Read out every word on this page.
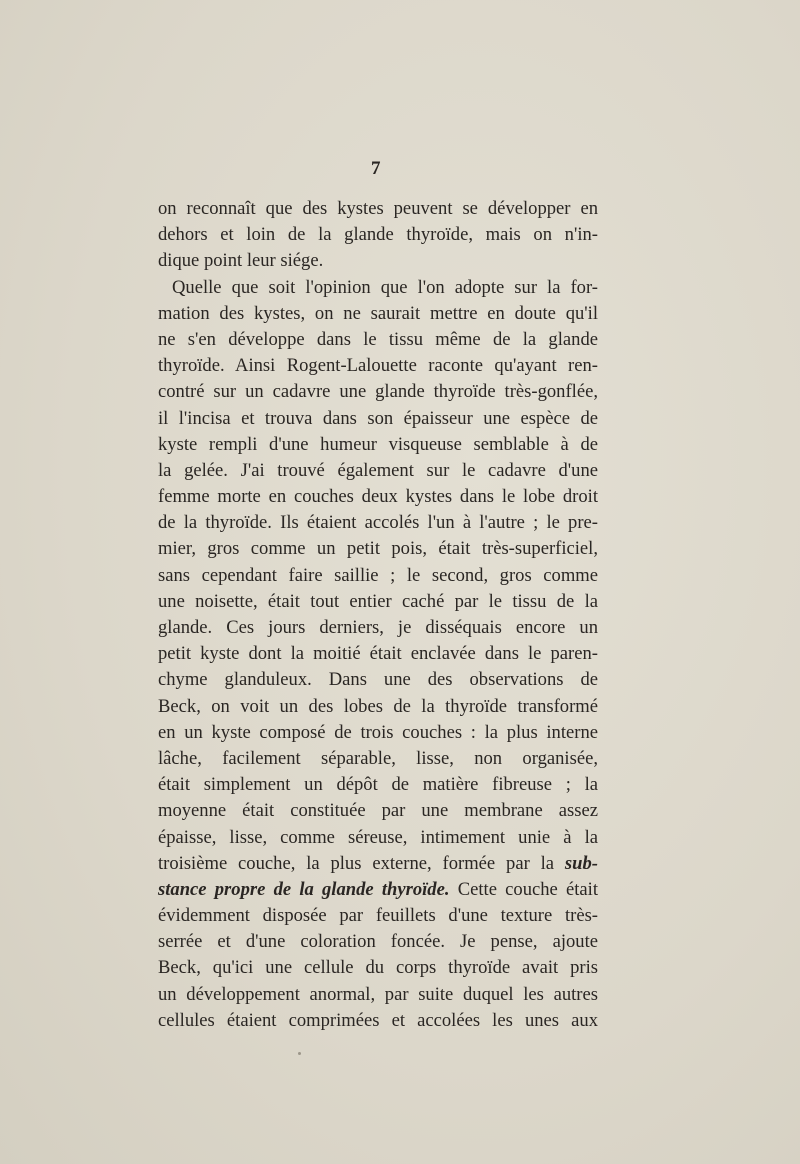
7
on reconnaît que des kystes peuvent se développer en
dehors et loin de la glande thyroïde, mais on n'in-
dique point leur siége.
Quelle que soit l'opinion que l'on adopte sur la for-
mation des kystes, on ne saurait mettre en doute qu'il
ne s'en développe dans le tissu même de la glande
thyroïde. Ainsi Rogent-Lalouette raconte qu'ayant ren-
contré sur un cadavre une glande thyroïde très-gonflée,
il l'incisa et trouva dans son épaisseur une espèce de
kyste rempli d'une humeur visqueuse semblable à de
la gelée. J'ai trouvé également sur le cadavre d'une
femme morte en couches deux kystes dans le lobe droit
de la thyroïde. Ils étaient accolés l'un à l'autre ; le pre-
mier, gros comme un petit pois, était très-superficiel,
sans cependant faire saillie ; le second, gros comme
une noisette, était tout entier caché par le tissu de la
glande. Ces jours derniers, je disséquais encore un
petit kyste dont la moitié était enclavée dans le paren-
chyme glanduleux. Dans une des observations de
Beck, on voit un des lobes de la thyroïde transformé
en un kyste composé de trois couches : la plus interne
lâche, facilement séparable, lisse, non organisée,
était simplement un dépôt de matière fibreuse ; la
moyenne était constituée par une membrane assez
épaisse, lisse, comme séreuse, intimement unie à la
troisième couche, la plus externe, formée par la sub-
stance propre de la glande thyroïde. Cette couche était
évidemment disposée par feuillets d'une texture très-
serrée et d'une coloration foncée. Je pense, ajoute
Beck, qu'ici une cellule du corps thyroïde avait pris
un développement anormal, par suite duquel les autres
cellules étaient comprimées et accolées les unes aux
